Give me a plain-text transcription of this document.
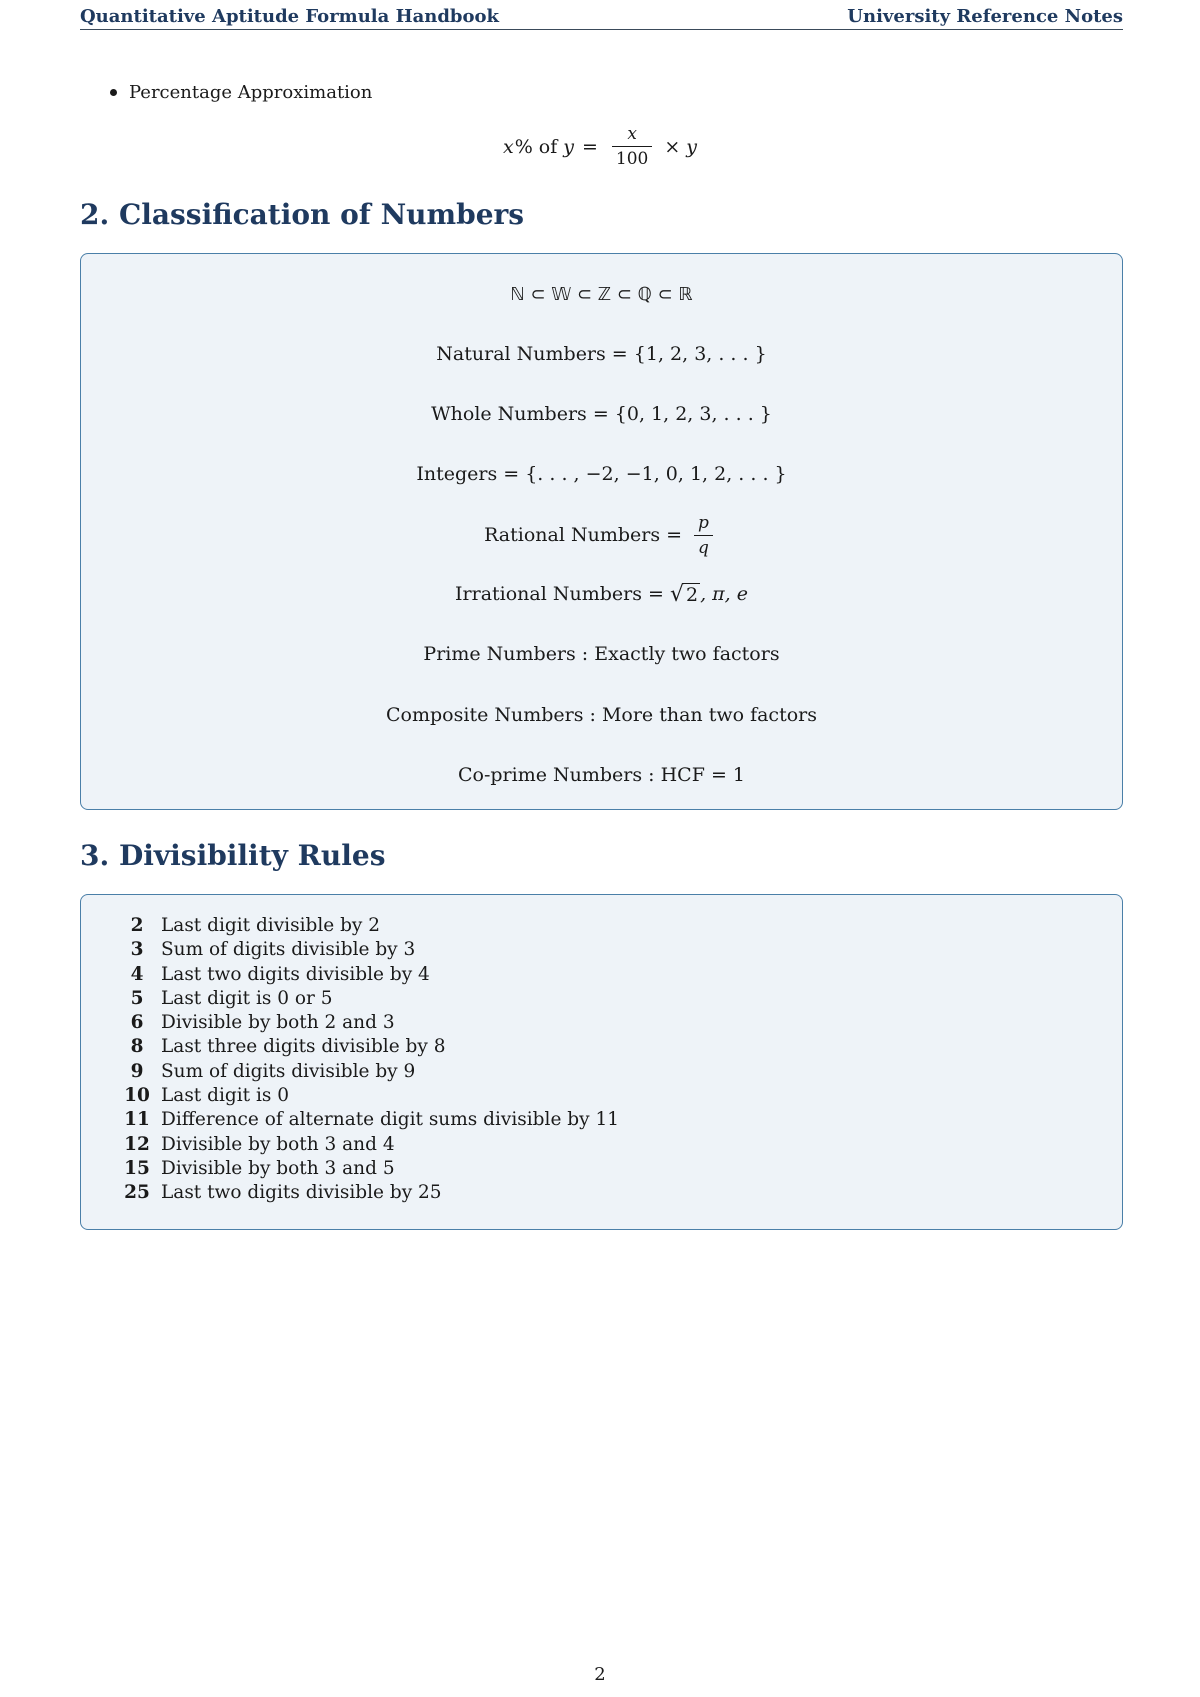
Quantitative Aptitude Formula Handbook	University Reference Notes
Percentage Approximation
x % of $y = \frac{x}{100} \times y$
2. Classification of Numbers
ℕ ⊂ 𝕎 ⊂ ℤ ⊂ ℚ ⊂ ℝ
Natural Numbers = {1, 2, 3, . . . }
Whole Numbers = {0, 1, 2, 3, . . . }
Integers = {. . . , −2, −1, 0, 1, 2, . . . }
Rational Numbers = $\frac{p}{q}$
Irrational Numbers = √ 2 , π, e
Prime Numbers : Exactly two factors
Composite Numbers : More than two factors
Co-prime Numbers : HCF = 1
3. Divisibility Rules
2 Last digit divisible by 2
3 Sum of digits divisible by 3
4 Last two digits divisible by 4
5 Last digit is 0 or 5
6 Divisible by both 2 and 3
8 Last three digits divisible by 8
9 Sum of digits divisible by 9
10 Last digit is 0
11 Difference of alternate digit sums divisible by 11
12 Divisible by both 3 and 4
15 Divisible by both 3 and 5
25 Last two digits divisible by 25
2
